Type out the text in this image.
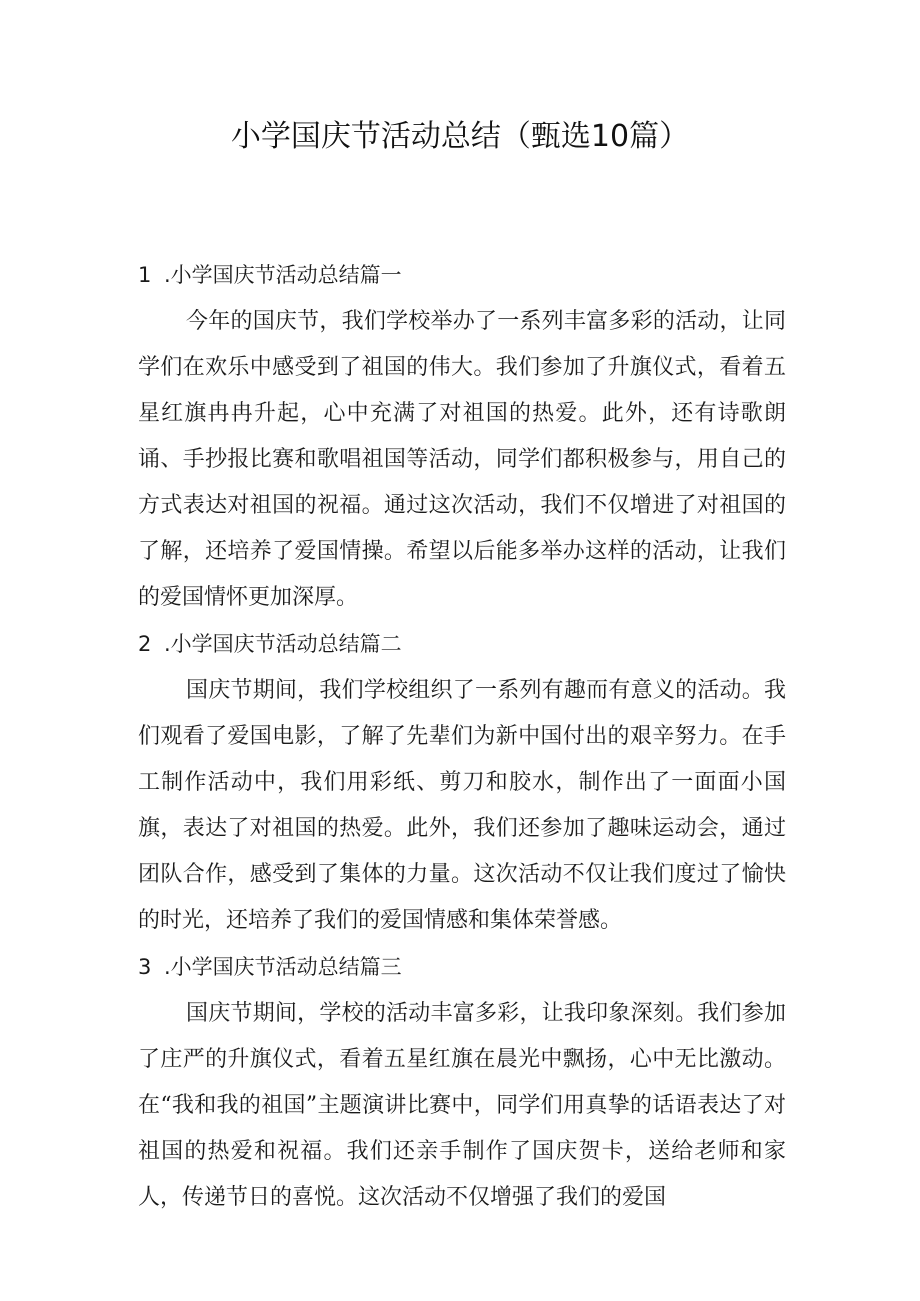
小学国庆节活动总结（甄选10篇）
1 .小学国庆节活动总结篇一

今年的国庆节，我们学校举办了一系列丰富多彩的活动，让同学们在欢乐中感受到了祖国的伟大。我们参加了升旗仪式，看着五星红旗冉冉升起，心中充满了对祖国的热爱。此外，还有诗歌朗诵、手抄报比赛和歌唱祖国等活动，同学们都积极参与，用自己的方式表达对祖国的祝福。通过这次活动，我们不仅增进了对祖国的了解，还培养了爱国情操。希望以后能多举办这样的活动，让我们的爱国情怀更加深厚。

2 .小学国庆节活动总结篇二

国庆节期间，我们学校组织了一系列有趣而有意义的活动。我们观看了爱国电影，了解了先辈们为新中国付出的艰辛努力。在手工制作活动中，我们用彩纸、剪刀和胶水，制作出了一面面小国旗，表达了对祖国的热爱。此外，我们还参加了趣味运动会，通过团队合作，感受到了集体的力量。这次活动不仅让我们度过了愉快的时光，还培养了我们的爱国情感和集体荣誉感。

3 .小学国庆节活动总结篇三

国庆节期间，学校的活动丰富多彩，让我印象深刻。我们参加了庄严的升旗仪式，看着五星红旗在晨光中飘扬，心中无比激动。在“我和我的祖国”主题演讲比赛中，同学们用真挚的话语表达了对祖国的热爱和祝福。我们还亲手制作了国庆贺卡，送给老师和家人，传递节日的喜悦。这次活动不仅增强了我们的爱国
